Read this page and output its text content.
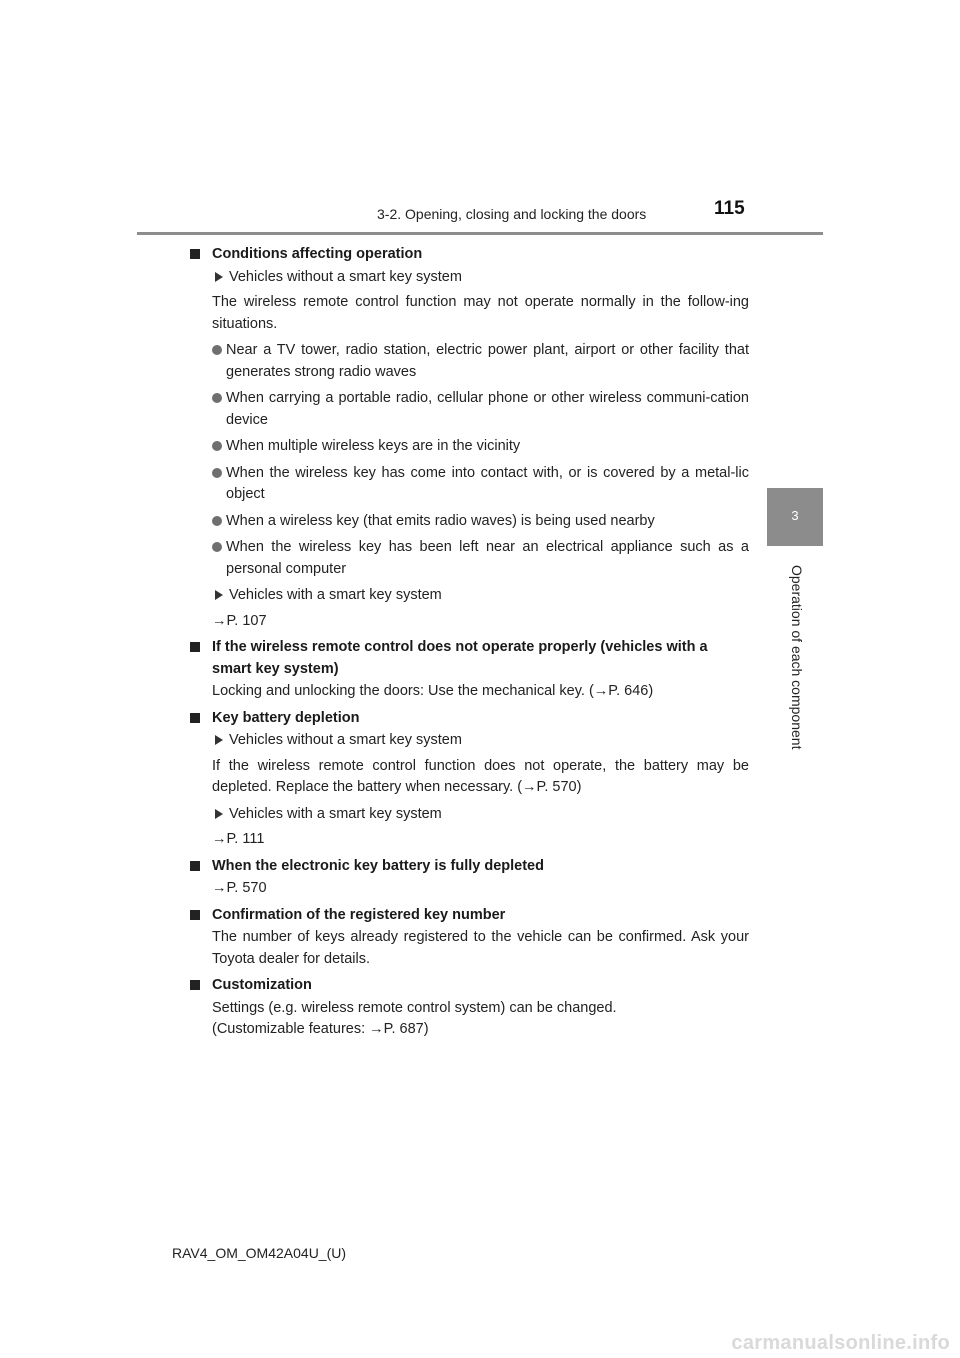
3-2. Opening, closing and locking the doors	115
3
Operation of each component
Conditions affecting operation
Vehicles without a smart key system
The wireless remote control function may not operate normally in the follow-ing situations.
Near a TV tower, radio station, electric power plant, airport or other facility that generates strong radio waves
When carrying a portable radio, cellular phone or other wireless communi-cation device
When multiple wireless keys are in the vicinity
When the wireless key has come into contact with, or is covered by a metal-lic object
When a wireless key (that emits radio waves) is being used nearby
When the wireless key has been left near an electrical appliance such as a personal computer
Vehicles with a smart key system
→P. 107
If the wireless remote control does not operate properly (vehicles with a smart key system)
Locking and unlocking the doors: Use the mechanical key. (→P. 646)
Key battery depletion
Vehicles without a smart key system
If the wireless remote control function does not operate, the battery may be depleted. Replace the battery when necessary. (→P. 570)
Vehicles with a smart key system
→P. 111
When the electronic key battery is fully depleted
→P. 570
Confirmation of the registered key number
The number of keys already registered to the vehicle can be confirmed. Ask your Toyota dealer for details.
Customization
Settings (e.g. wireless remote control system) can be changed.
(Customizable features: →P. 687)
RAV4_OM_OM42A04U_(U)
carmanualsonline.info
